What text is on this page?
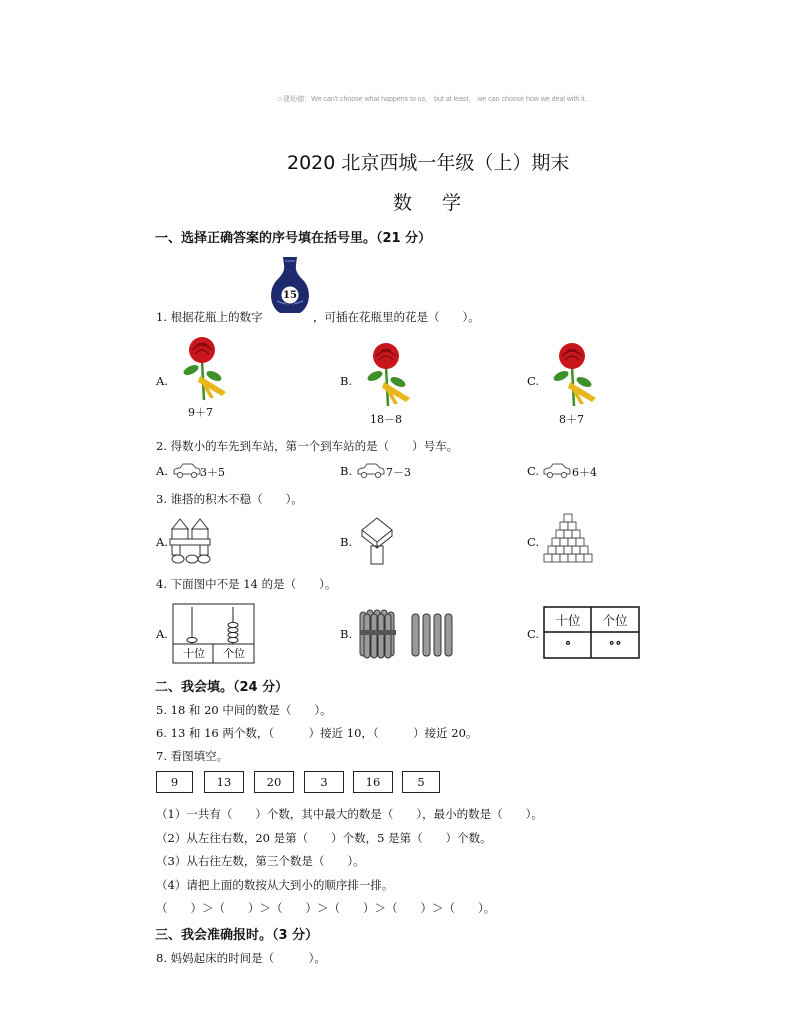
☺建助德：We can't choose what happens to us， but at least， we can choose how we deal with it.
2020 北京西城一年级（上）期末
数学
一、选择正确答案的序号填在括号里。（21 分）
1. 根据花瓶上的数字
15
，可插在花瓶里的花是（　　）。
A.
9＋7
B.
18－8
C.
8＋7
2. 得数小的车先到车站，第一个到车站的是（　　）号车。
A.	3＋5	B.	7－3	C.	6＋4
3. 谁搭的积木不稳（　　）。
A.	B.	C.
4. 下面图中不是 14 的是（　　）。
A.
十位	个位
B.	C.
十位	个位
∘	∘∘
二、我会填。（24 分）
5. 18 和 20 中间的数是（　　）。
6. 13 和 16 两个数，（　　　）接近 10，（　　　）接近 20。
7. 看图填空。
9	13	20	3	16	5
（1）一共有（　　）个数，其中最大的数是（　　），最小的数是（　　）。
（2）从左往右数，20 是第（　　）个数，5 是第（　　）个数。
（3）从右往左数，第三个数是（　　）。
（4）请把上面的数按从大到小的顺序排一排。
（　　）＞（　　）＞（　　）＞（　　）＞（　　）＞（　　）。
三、我会准确报时。（3 分）
8. 妈妈起床的时间是（　　　）。
